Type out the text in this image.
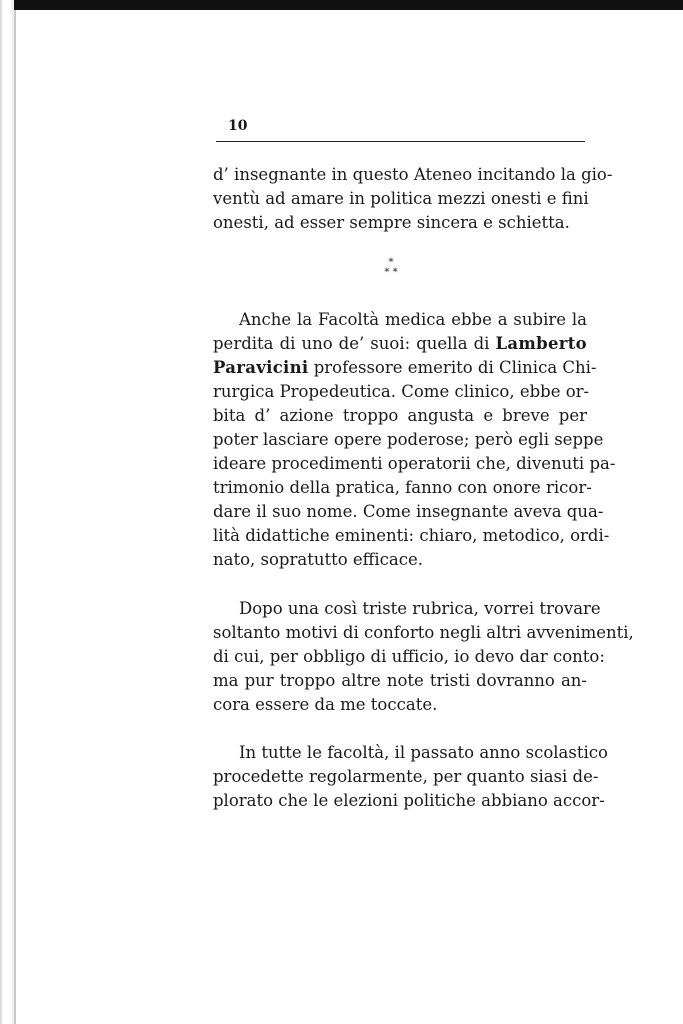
10
d’ insegnante in questo Ateneo incitando la gio-
ventù ad amare in politica mezzi onesti e fini
onesti, ad esser sempre sincera e schietta.
*
* *
Anche la Facoltà medica ebbe a subire la
perdita di uno de’ suoi: quella di Lamberto
Paravicini professore emerito di Clinica Chi-
rurgica Propedeutica. Come clinico, ebbe or-
bita d’ azione troppo angusta e breve per
poter lasciare opere poderose; però egli seppe
ideare procedimenti operatorii che, divenuti pa-
trimonio della pratica, fanno con onore ricor-
dare il suo nome. Come insegnante aveva qua-
lità didattiche eminenti: chiaro, metodico, ordi-
nato, sopratutto efficace.
Dopo una così triste rubrica, vorrei trovare
soltanto motivi di conforto negli altri avvenimenti,
di cui, per obbligo di ufficio, io devo dar conto:
ma pur troppo altre note tristi dovranno an-
cora essere da me toccate.
In tutte le facoltà, il passato anno scolastico
procedette regolarmente, per quanto siasi de-
plorato che le elezioni politiche abbiano accor-
